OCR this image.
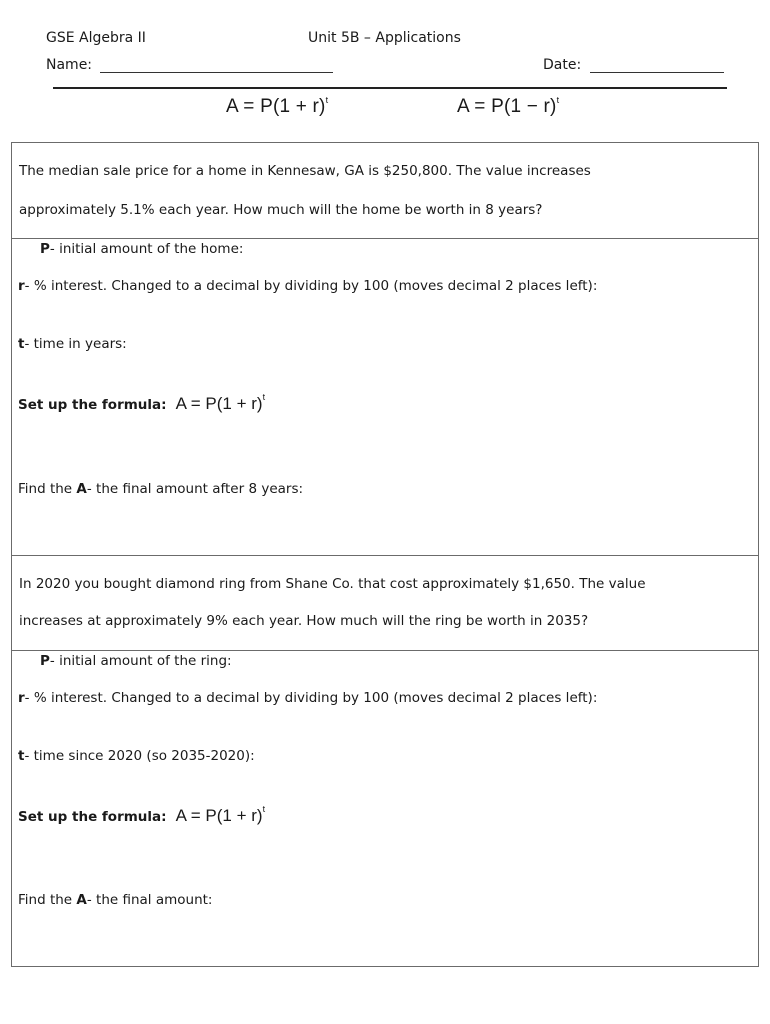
GSE Algebra II	Unit 5B – Applications
Name:	Date:
$A = P(1 + r)^t$	$A = P(1 - r)^t$
The median sale price for a home in Kennesaw, GA is $250,800. The value increases
approximately 5.1% each year. How much will the home be worth in 8 years?
P- initial amount of the home:
r- % interest. Changed to a decimal by dividing by 100 (moves decimal 2 places left):
t- time in years:
Set up the formula: $A = P(1 + r)^t$
Find the A- the final amount after 8 years:
In 2020 you bought diamond ring from Shane Co. that cost approximately $1,650. The value
increases at approximately 9% each year. How much will the ring be worth in 2035?
P- initial amount of the ring:
r- % interest. Changed to a decimal by dividing by 100 (moves decimal 2 places left):
t- time since 2020 (so 2035-2020):
Set up the formula: $A = P(1 + r)^t$
Find the A- the final amount:
